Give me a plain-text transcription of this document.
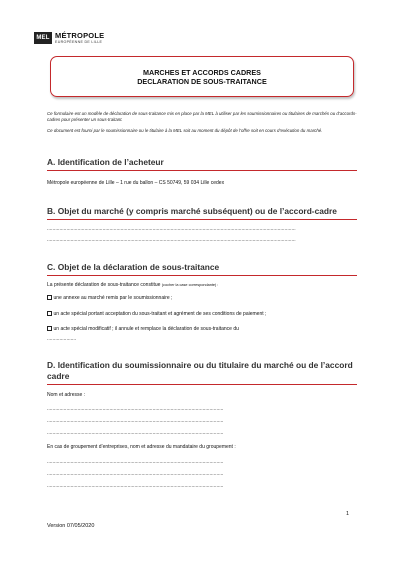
MEL MÉTROPOLE
EUROPÉENNE DE LILLE
MARCHES ET ACCORDS CADRES
DECLARATION DE SOUS-TRAITANCE
Ce formulaire est un modèle de déclaration de sous-traitance mis en place par la MEL à utiliser par les soumissionnaires ou titulaires de marchés ou d’accords-cadres pour présenter un sous-traitant.
Ce document est fourni par le soumissionnaire ou le titulaire à la MEL soit au moment du dépôt de l’offre soit en cours d’exécution du marché.
A. Identification de l’acheteur
Métropole européenne de Lille – 1 rue du ballon – CS 50749, 59 034 Lille cedex
B. Objet du marché (y compris marché subséquent) ou de l’accord-cadre
...................................................................................................................................................................................
...................................................................................................................................................................................
C. Objet de la déclaration de sous-traitance
La présente déclaration de sous-traitance constitue (cocher la case correspondante) :
une annexe au marché remis par le soumissionnaire ;
un acte spécial portant acceptation du sous-traitant et agrément de ses conditions de paiement ;
un acte spécial modificatif ; il annule et remplace la déclaration de sous-traitance du
.....................
D. Identification du soumissionnaire ou du titulaire du marché ou de l’accord
cadre
Nom et adresse :
...............................................................................................................................
...............................................................................................................................
...............................................................................................................................
En cas de groupement d’entreprises, nom et adresse du mandataire du groupement :
...............................................................................................................................
...............................................................................................................................
...............................................................................................................................
1
Version 07/05/2020
